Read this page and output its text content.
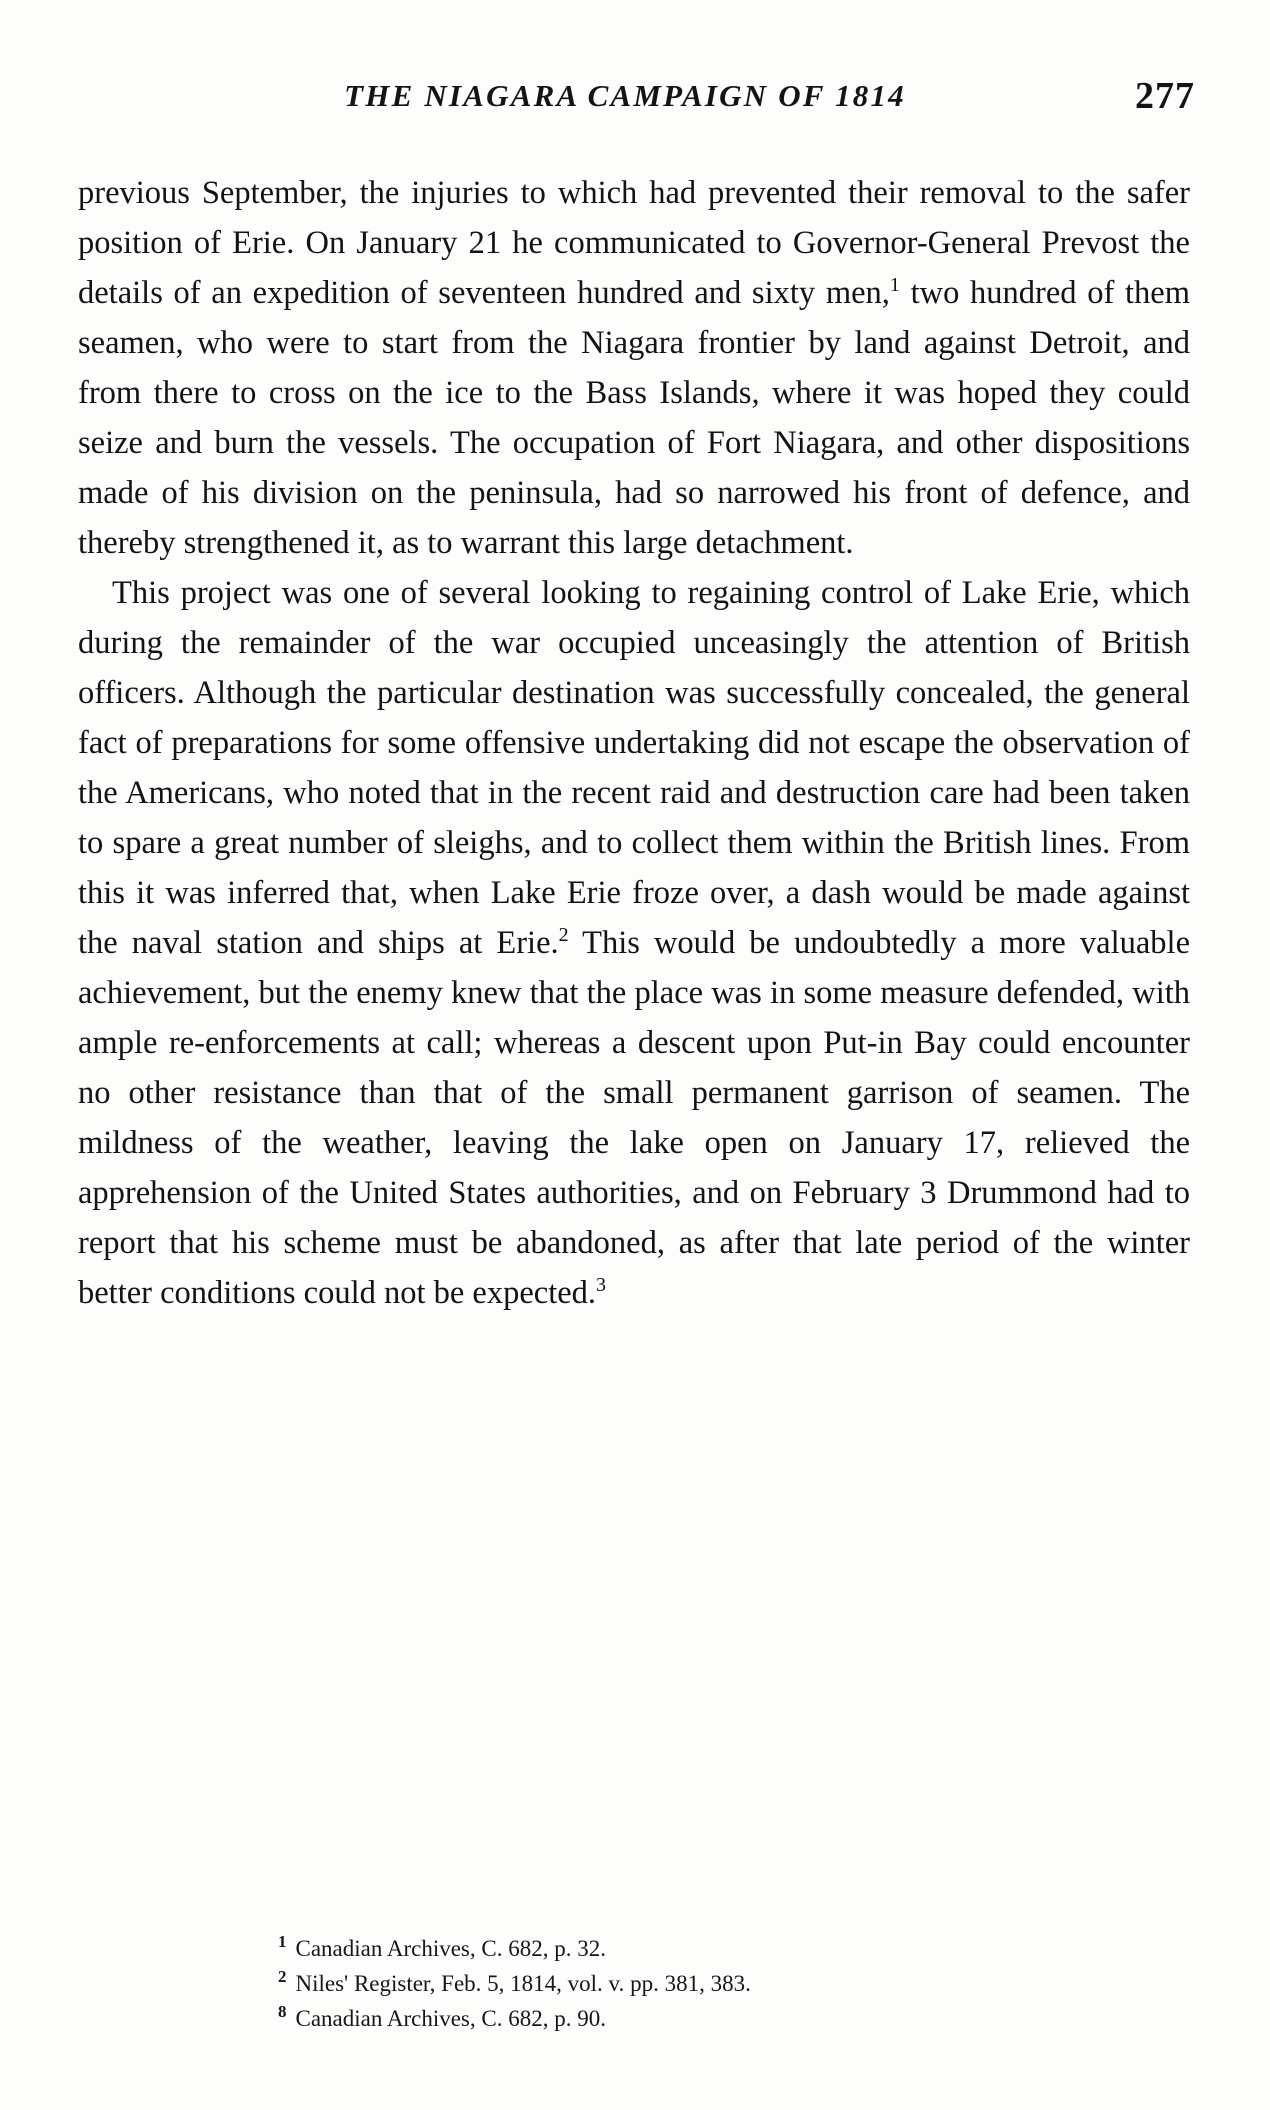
THE NIAGARA CAMPAIGN OF 1814	277

previous September, the injuries to which had prevented their removal to the safer position of Erie. On January 21 he communicated to Governor-General Prevost the details of an expedition of seventeen hundred and sixty men,$^1$ two hundred of them seamen, who were to start from the Niagara frontier by land against Detroit, and from there to cross on the ice to the Bass Islands, where it was hoped they could seize and burn the vessels. The occupation of Fort Niagara, and other dispositions made of his division on the peninsula, had so narrowed his front of defence, and thereby strengthened it, as to warrant this large detachment.

This project was one of several looking to regaining control of Lake Erie, which during the remainder of the war occupied unceasingly the attention of British officers. Although the particular destination was successfully concealed, the general fact of preparations for some offensive undertaking did not escape the observation of the Americans, who noted that in the recent raid and destruction care had been taken to spare a great number of sleighs, and to collect them within the British lines. From this it was inferred that, when Lake Erie froze over, a dash would be made against the naval station and ships at Erie.$^2$ This would be undoubtedly a more valuable achievement, but the enemy knew that the place was in some measure defended, with ample re-enforcements at call; whereas a descent upon Put-in Bay could encounter no other resistance than that of the small permanent garrison of seamen. The mildness of the weather, leaving the lake open on January 17, relieved the apprehension of the United States authorities, and on February 3 Drummond had to report that his scheme must be abandoned, as after that late period of the winter better conditions could not be expected.$^3$

$^1$ Canadian Archives, C. 682, p. 32.
$^2$ Niles' Register, Feb. 5, 1814, vol. v. pp. 381, 383.
$^8$ Canadian Archives, C. 682, p. 90.
